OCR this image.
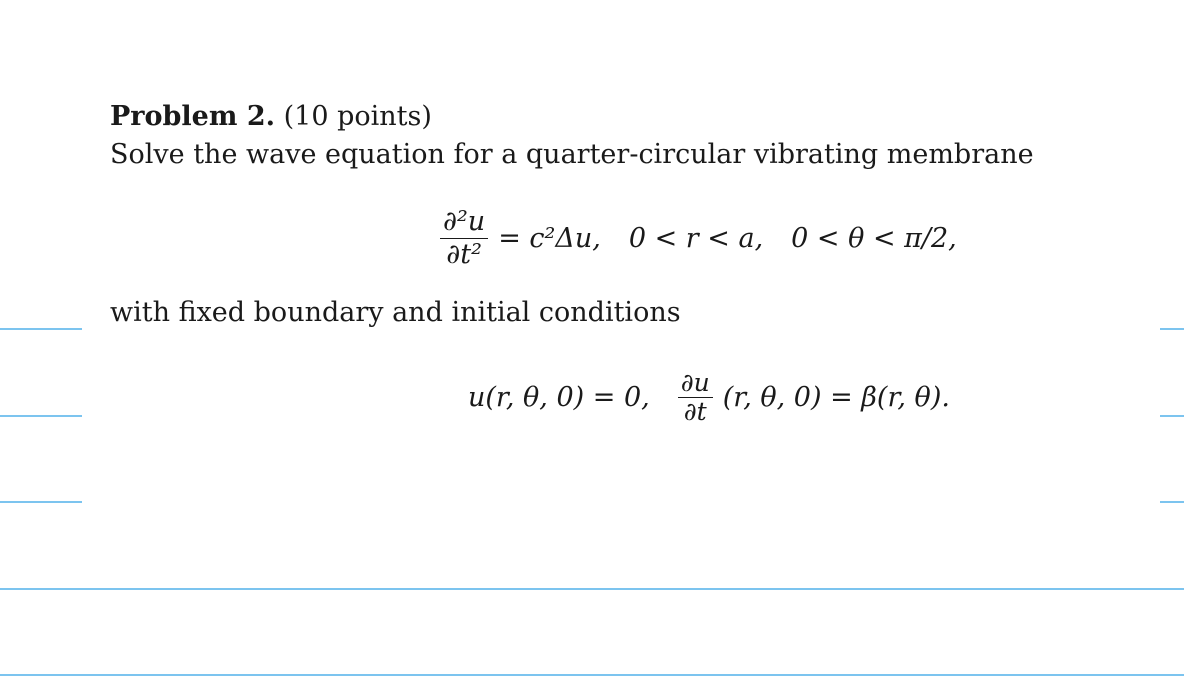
Problem 2. (10 points)
Solve the wave equation for a quarter-circular vibrating membrane
$\frac{\text{∂²u}}{\text{∂t²}} = c^2\Delta u$, 0 < r < a, 0 < θ < π/2,
with fixed boundary and initial conditions
u(r, θ, 0) = 0, $\frac{\partial u}{\partial t} (r$, θ, 0) = β(r, θ).
